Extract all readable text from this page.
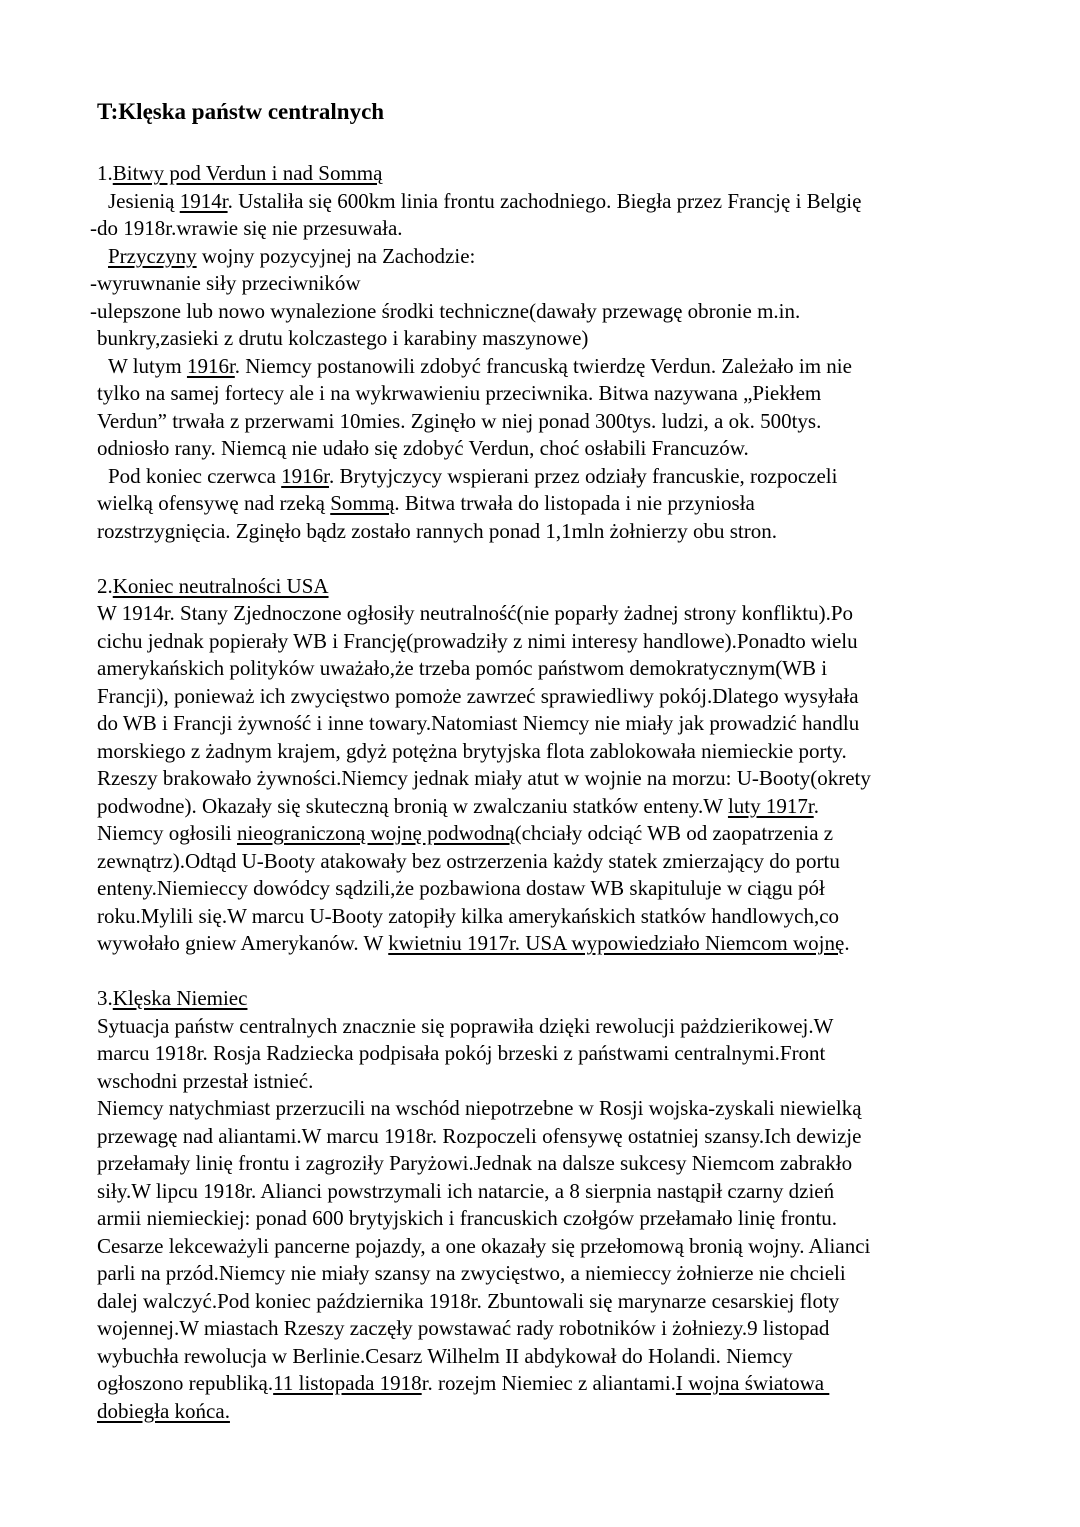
T:Klęska państw centralnych
1.Bitwy pod Verdun i nad Sommą
Jesienią 1914r. Ustaliła się 600km linia frontu zachodniego. Biegła przez Francję i Belgię
-do 1918r.wrawie się nie przesuwała.
Przyczyny wojny pozycyjnej na Zachodzie:
-wyruwnanie siły przeciwników
-ulepszone lub nowo wynalezione środki techniczne(dawały przewagę obronie m.in.
bunkry,zasieki z drutu kolczastego i karabiny maszynowe)
W lutym 1916r. Niemcy postanowili zdobyć francuską twierdzę Verdun. Zależało im nie
tylko na samej fortecy ale i na wykrwawieniu przeciwnika. Bitwa nazywana „Piekłem
Verdun” trwała z przerwami 10mies. Zginęło w niej ponad 300tys. ludzi, a ok. 500tys.
odniosło rany. Niemcą nie udało się zdobyć Verdun, choć osłabili Francuzów.
Pod koniec czerwca 1916r. Brytyjczycy wspierani przez odziały francuskie, rozpoczeli
wielką ofensywę nad rzeką Sommą. Bitwa trwała do listopada i nie przyniosła
rozstrzygnięcia. Zginęło bądz zostało rannych ponad 1,1mln żołnierzy obu stron.
2.Koniec neutralności USA
W 1914r. Stany Zjednoczone ogłosiły neutralność(nie poparły żadnej strony konfliktu).Po
cichu jednak popierały WB i Francję(prowadziły z nimi interesy handlowe).Ponadto wielu
amerykańskich polityków uważało,że trzeba pomóc państwom demokratycznym(WB i
Francji), ponieważ ich zwycięstwo pomoże zawrzeć sprawiedliwy pokój.Dlatego wysyłała
do WB i Francji żywność i inne towary.Natomiast Niemcy nie miały jak prowadzić handlu
morskiego z żadnym krajem, gdyż potężna brytyjska flota zablokowała niemieckie porty.
Rzeszy brakowało żywności.Niemcy jednak miały atut w wojnie na morzu: U-Booty(okrety
podwodne). Okazały się skuteczną bronią w zwalczaniu statków enteny.W luty 1917r.
Niemcy ogłosili nieograniczoną wojnę podwodną(chciały odciąć WB od zaopatrzenia z
zewnątrz).Odtąd U-Booty atakowały bez ostrzerzenia każdy statek zmierzający do portu
enteny.Niemieccy dowódcy sądzili,że pozbawiona dostaw WB skapituluje w ciągu pół
roku.Mylili się.W marcu U-Booty zatopiły kilka amerykańskich statków handlowych,co
wywołało gniew Amerykanów. W kwietniu 1917r. USA wypowiedziało Niemcom wojnę.
3.Klęska Niemiec
Sytuacja państw centralnych znacznie się poprawiła dzięki rewolucji pażdzierikowej.W
marcu 1918r. Rosja Radziecka podpisała pokój brzeski z państwami centralnymi.Front
wschodni przestał istnieć.
Niemcy natychmiast przerzucili na wschód niepotrzebne w Rosji wojska-zyskali niewielką
przewagę nad aliantami.W marcu 1918r. Rozpoczeli ofensywę ostatniej szansy.Ich dewizje
przełamały linię frontu i zagroziły Paryżowi.Jednak na dalsze sukcesy Niemcom zabrakło
siły.W lipcu 1918r. Alianci powstrzymali ich natarcie, a 8 sierpnia nastąpił czarny dzień
armii niemieckiej: ponad 600 brytyjskich i francuskich czołgów przełamało linię frontu.
Cesarze lekceważyli pancerne pojazdy, a one okazały się przełomową bronią wojny. Alianci
parli na przód.Niemcy nie miały szansy na zwycięstwo, a niemieccy żołnierze nie chcieli
dalej walczyć.Pod koniec października 1918r. Zbuntowali się marynarze cesarskiej floty
wojennej.W miastach Rzeszy zaczęły powstawać rady robotników i żołniezy.9 listopad
wybuchła rewolucja w Berlinie.Cesarz Wilhelm II abdykował do Holandi. Niemcy
ogłoszono republiką.11 listopada 1918r. rozejm Niemiec z aliantami.I wojna światowa
dobiegła końca.
